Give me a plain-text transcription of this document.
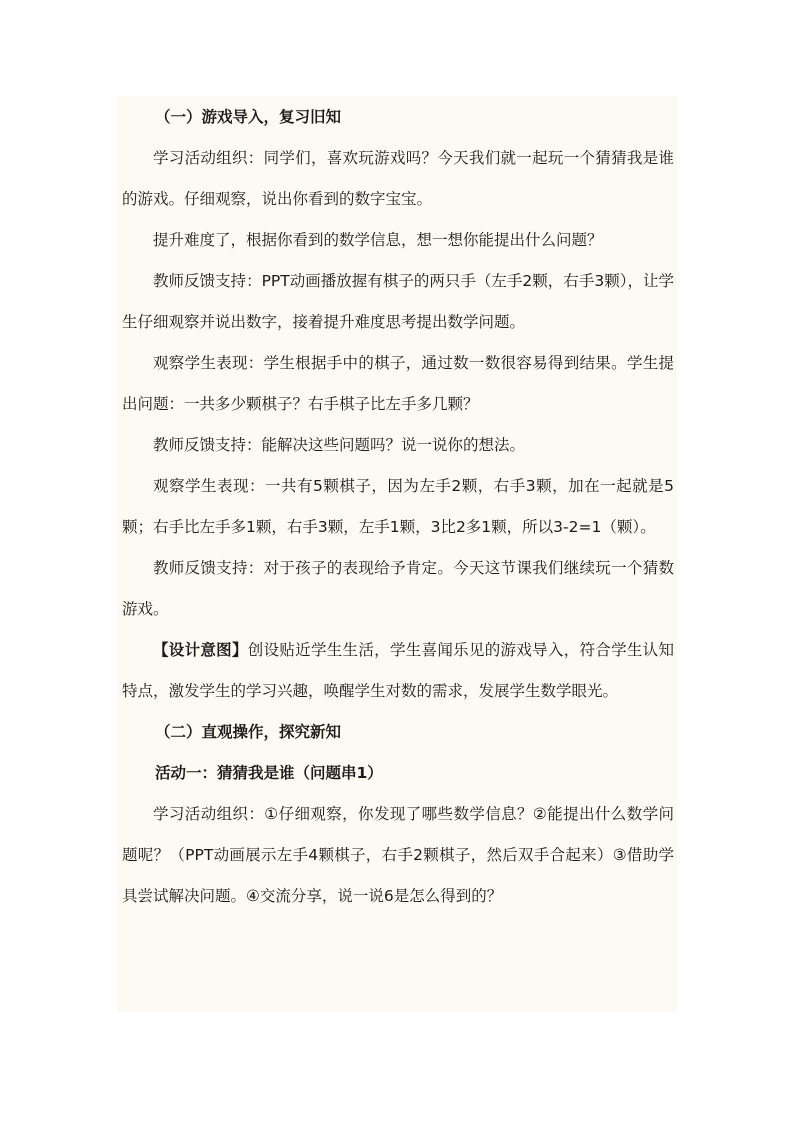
（一）游戏导入，复习旧知

学习活动组织：同学们，喜欢玩游戏吗？今天我们就一起玩一个猜猜我是谁的游戏。仔细观察，说出你看到的数字宝宝。

提升难度了，根据你看到的数学信息，想一想你能提出什么问题？

教师反馈支持：PPT动画播放握有棋子的两只手（左手2颗，右手3颗），让学生仔细观察并说出数字，接着提升难度思考提出数学问题。

观察学生表现：学生根据手中的棋子，通过数一数很容易得到结果。学生提出问题：一共多少颗棋子？右手棋子比左手多几颗？

教师反馈支持：能解决这些问题吗？说一说你的想法。

观察学生表现：一共有5颗棋子，因为左手2颗，右手3颗，加在一起就是5颗；右手比左手多1颗，右手3颗，左手1颗，3比2多1颗，所以3-2=1（颗）。

教师反馈支持：对于孩子的表现给予肯定。今天这节课我们继续玩一个猜数游戏。

【设计意图】创设贴近学生生活，学生喜闻乐见的游戏导入，符合学生认知特点，激发学生的学习兴趣，唤醒学生对数的需求，发展学生数学眼光。

（二）直观操作，探究新知

活动一：猜猜我是谁（问题串1）

学习活动组织：①仔细观察，你发现了哪些数学信息？②能提出什么数学问题呢？（PPT动画展示左手4颗棋子，右手2颗棋子，然后双手合起来）③借助学具尝试解决问题。④交流分享，说一说6是怎么得到的？
